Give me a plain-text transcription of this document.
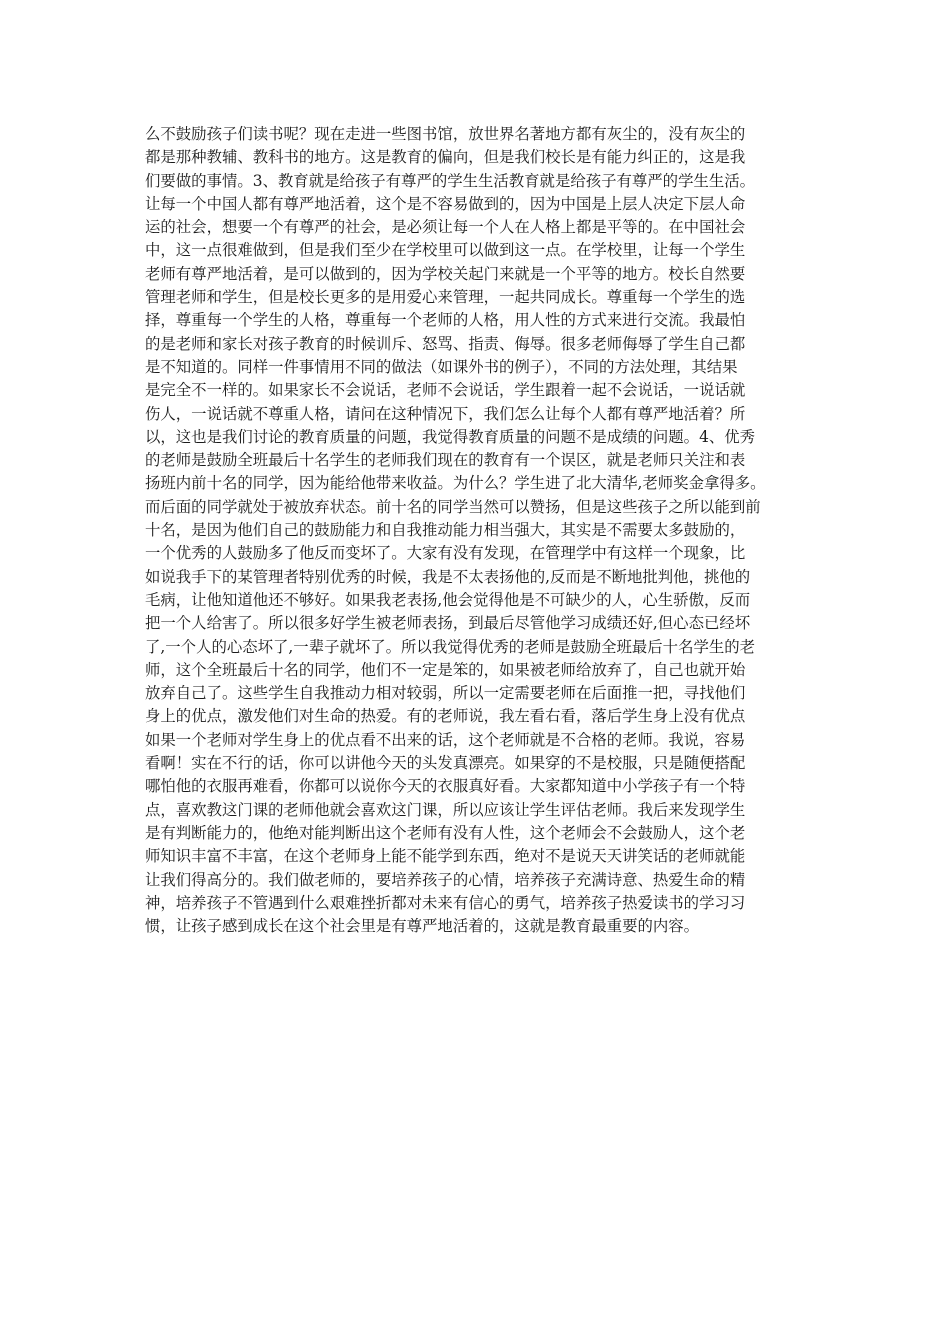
么不鼓励孩子们读书呢？现在走进一些图书馆，放世界名著地方都有灰尘的，没有灰尘的
都是那种教辅、教科书的地方。这是教育的偏向，但是我们校长是有能力纠正的，这是我
们要做的事情。3、教育就是给孩子有尊严的学生生活教育就是给孩子有尊严的学生生活。
让每一个中国人都有尊严地活着，这个是不容易做到的，因为中国是上层人决定下层人命
运的社会，想要一个有尊严的社会，是必须让每一个人在人格上都是平等的。在中国社会
中，这一点很难做到，但是我们至少在学校里可以做到这一点。在学校里，让每一个学生
老师有尊严地活着，是可以做到的，因为学校关起门来就是一个平等的地方。校长自然要
管理老师和学生，但是校长更多的是用爱心来管理，一起共同成长。尊重每一个学生的选
择，尊重每一个学生的人格，尊重每一个老师的人格，用人性的方式来进行交流。我最怕
的是老师和家长对孩子教育的时候训斥、怒骂、指责、侮辱。很多老师侮辱了学生自己都
是不知道的。同样一件事情用不同的做法（如课外书的例子），不同的方法处理，其结果
是完全不一样的。如果家长不会说话，老师不会说话，学生跟着一起不会说话，一说话就
伤人，一说话就不尊重人格，请问在这种情况下，我们怎么让每个人都有尊严地活着？所
以，这也是我们讨论的教育质量的问题，我觉得教育质量的问题不是成绩的问题。4、优秀
的老师是鼓励全班最后十名学生的老师我们现在的教育有一个误区，就是老师只关注和表
扬班内前十名的同学，因为能给他带来收益。为什么？学生进了北大清华,老师奖金拿得多。
而后面的同学就处于被放弃状态。前十名的同学当然可以赞扬，但是这些孩子之所以能到前
十名，是因为他们自己的鼓励能力和自我推动能力相当强大，其实是不需要太多鼓励的，
一个优秀的人鼓励多了他反而变坏了。大家有没有发现，在管理学中有这样一个现象，比
如说我手下的某管理者特别优秀的时候，我是不太表扬他的,反而是不断地批判他，挑他的
毛病，让他知道他还不够好。如果我老表扬,他会觉得他是不可缺少的人，心生骄傲，反而
把一个人给害了。所以很多好学生被老师表扬，到最后尽管他学习成绩还好,但心态已经坏
了,一个人的心态坏了,一辈子就坏了。所以我觉得优秀的老师是鼓励全班最后十名学生的老
师，这个全班最后十名的同学，他们不一定是笨的，如果被老师给放弃了，自己也就开始
放弃自己了。这些学生自我推动力相对较弱，所以一定需要老师在后面推一把，寻找他们
身上的优点，激发他们对生命的热爱。有的老师说，我左看右看，落后学生身上没有优点
如果一个老师对学生身上的优点看不出来的话，这个老师就是不合格的老师。我说，容易
看啊！实在不行的话，你可以讲他今天的头发真漂亮。如果穿的不是校服，只是随便搭配
哪怕他的衣服再难看，你都可以说你今天的衣服真好看。大家都知道中小学孩子有一个特
点，喜欢教这门课的老师他就会喜欢这门课，所以应该让学生评估老师。我后来发现学生
是有判断能力的，他绝对能判断出这个老师有没有人性，这个老师会不会鼓励人，这个老
师知识丰富不丰富，在这个老师身上能不能学到东西，绝对不是说天天讲笑话的老师就能
让我们得高分的。我们做老师的，要培养孩子的心情，培养孩子充满诗意、热爱生命的精
神，培养孩子不管遇到什么艰难挫折都对未来有信心的勇气，培养孩子热爱读书的学习习
惯，让孩子感到成长在这个社会里是有尊严地活着的，这就是教育最重要的内容。
